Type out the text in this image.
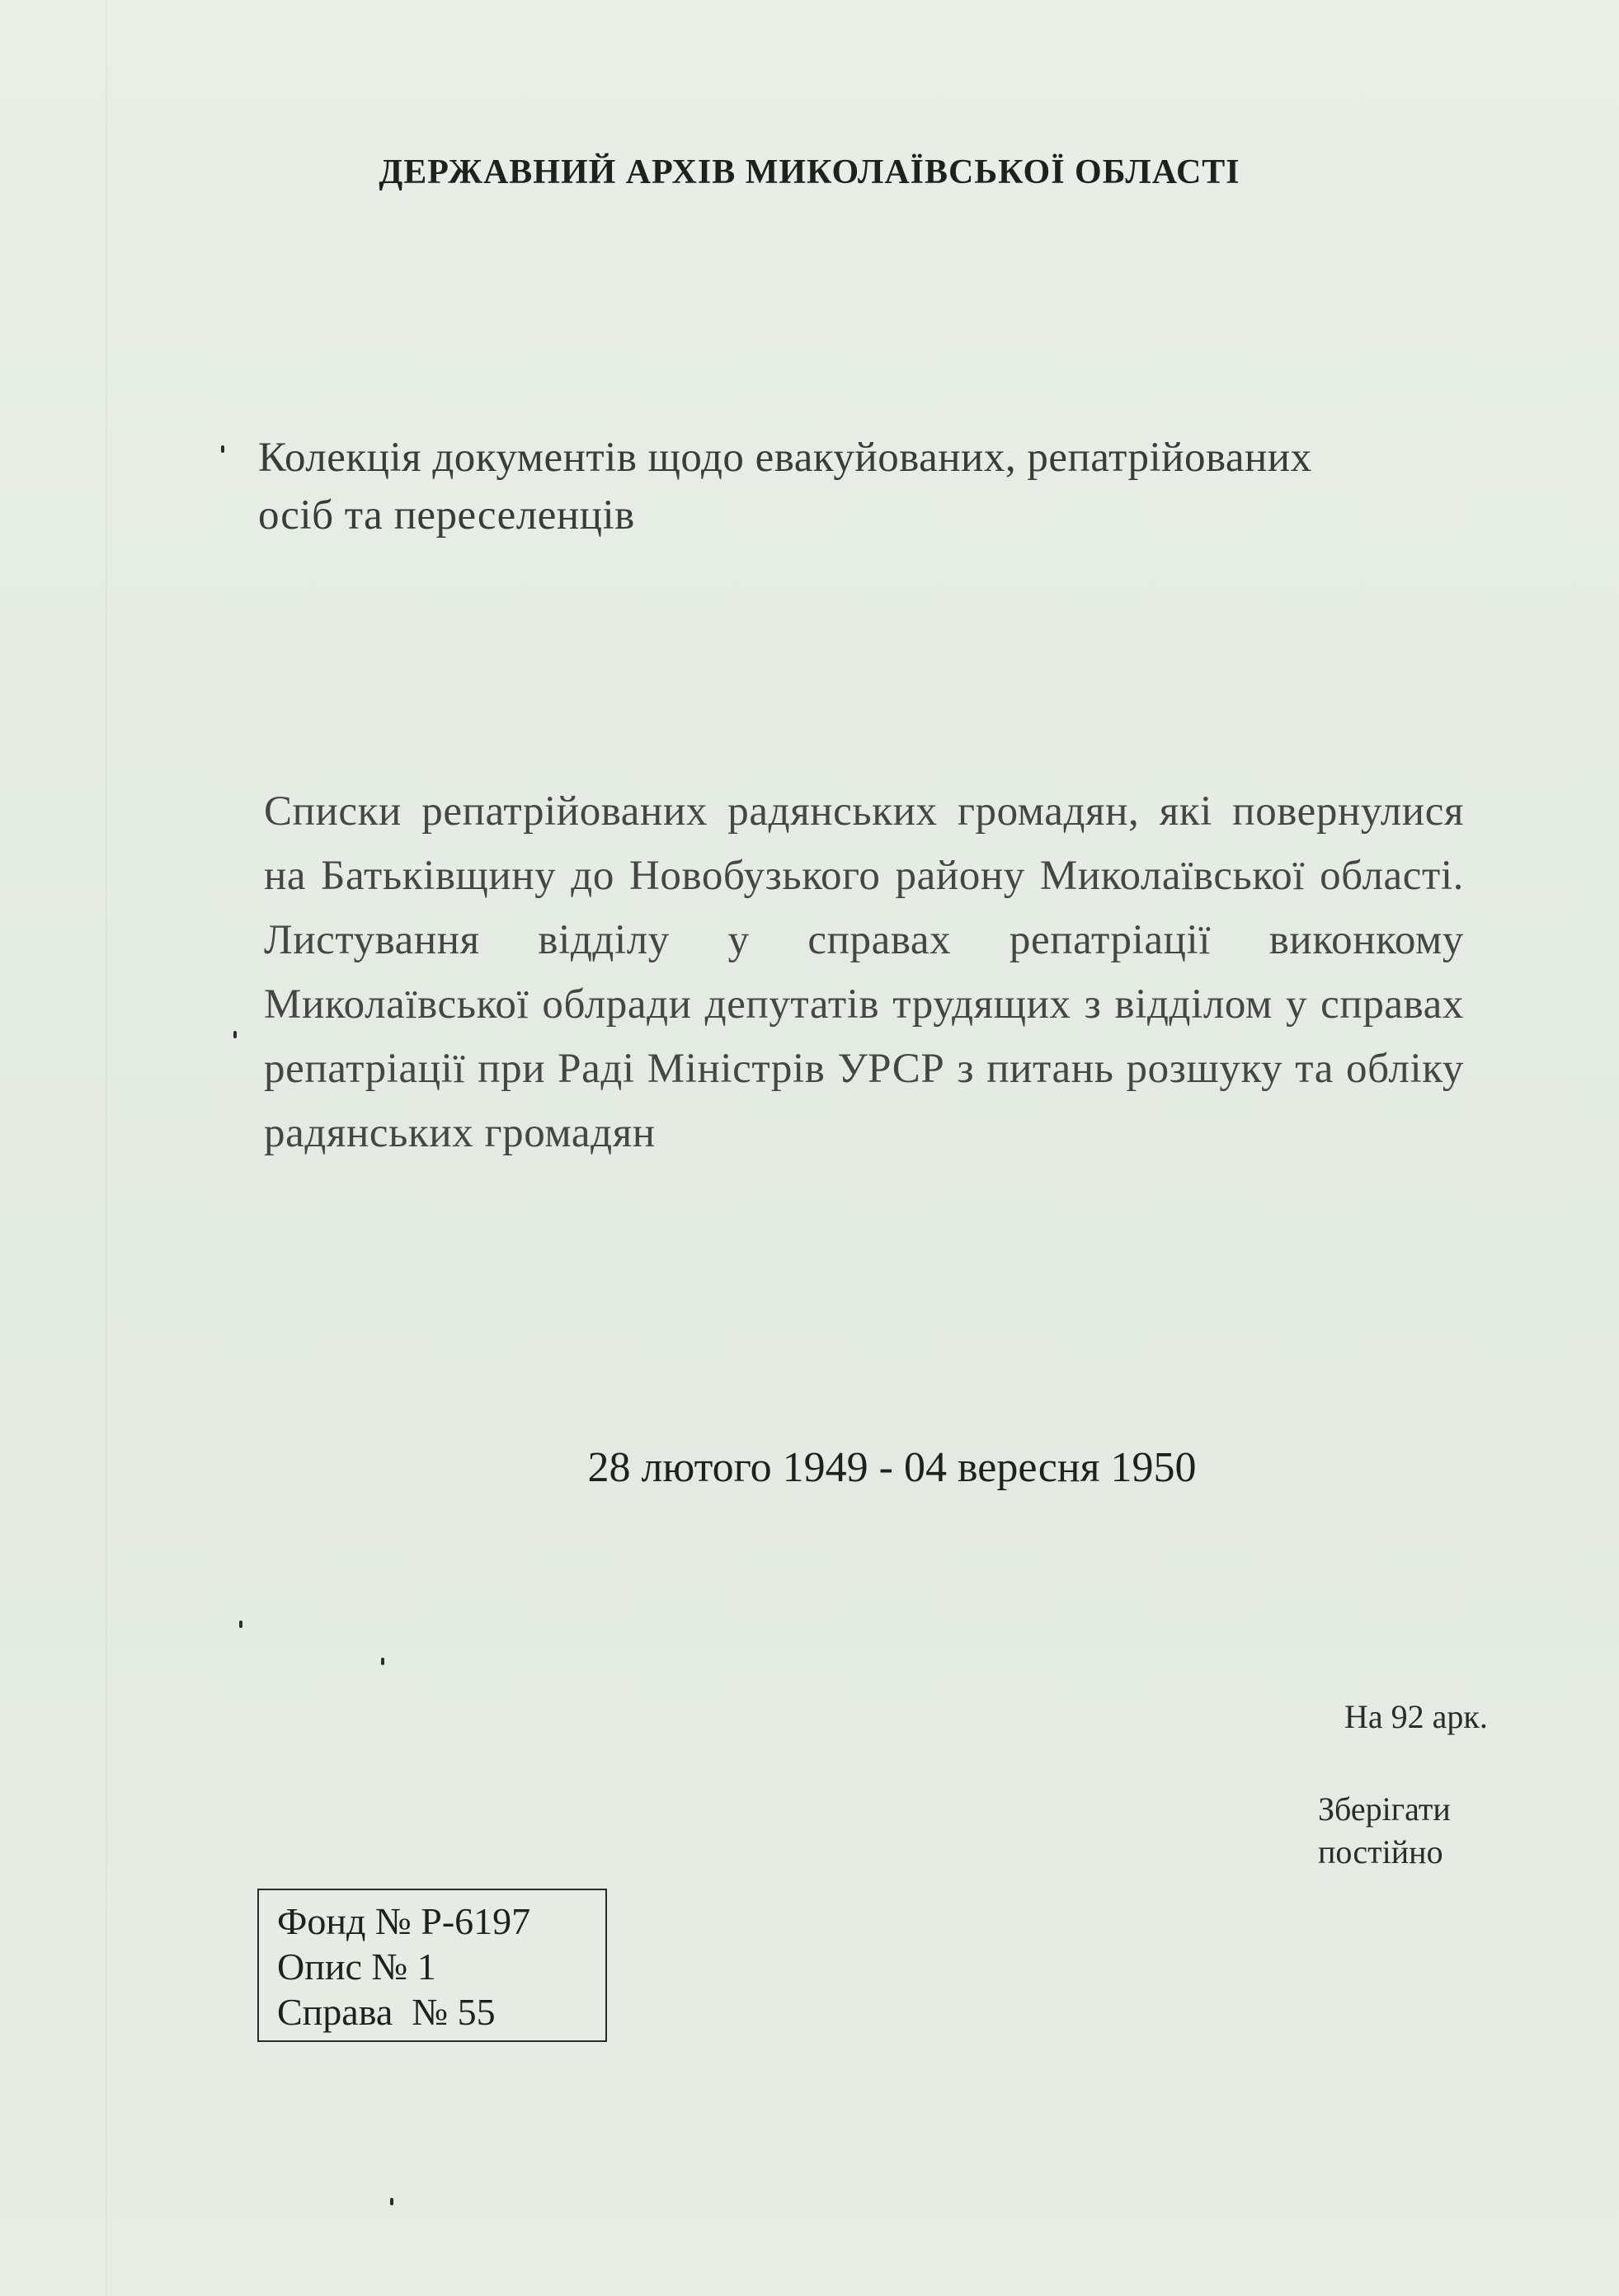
ДЕРЖАВНИЙ АРХІВ МИКОЛАЇВСЬКОЇ ОБЛАСТІ
Колекція документів щодо евакуйованих, репатрійованих
осіб та переселенців
Списки репатрійованих радянських громадян, які повернулися на Батьківщину до Новобузького району Миколаївської області. Листування відділу у справах репатріації виконкому Миколаївської облради депутатів трудящих з відділом у справах репатріації при Раді Міністрів УРСР з питань розшуку та обліку радянських громадян
28 лютого 1949 - 04 вересня 1950
На 92 арк.
Зберігати
постійно
Фонд № Р-6197
Опис № 1
Справа  № 55
